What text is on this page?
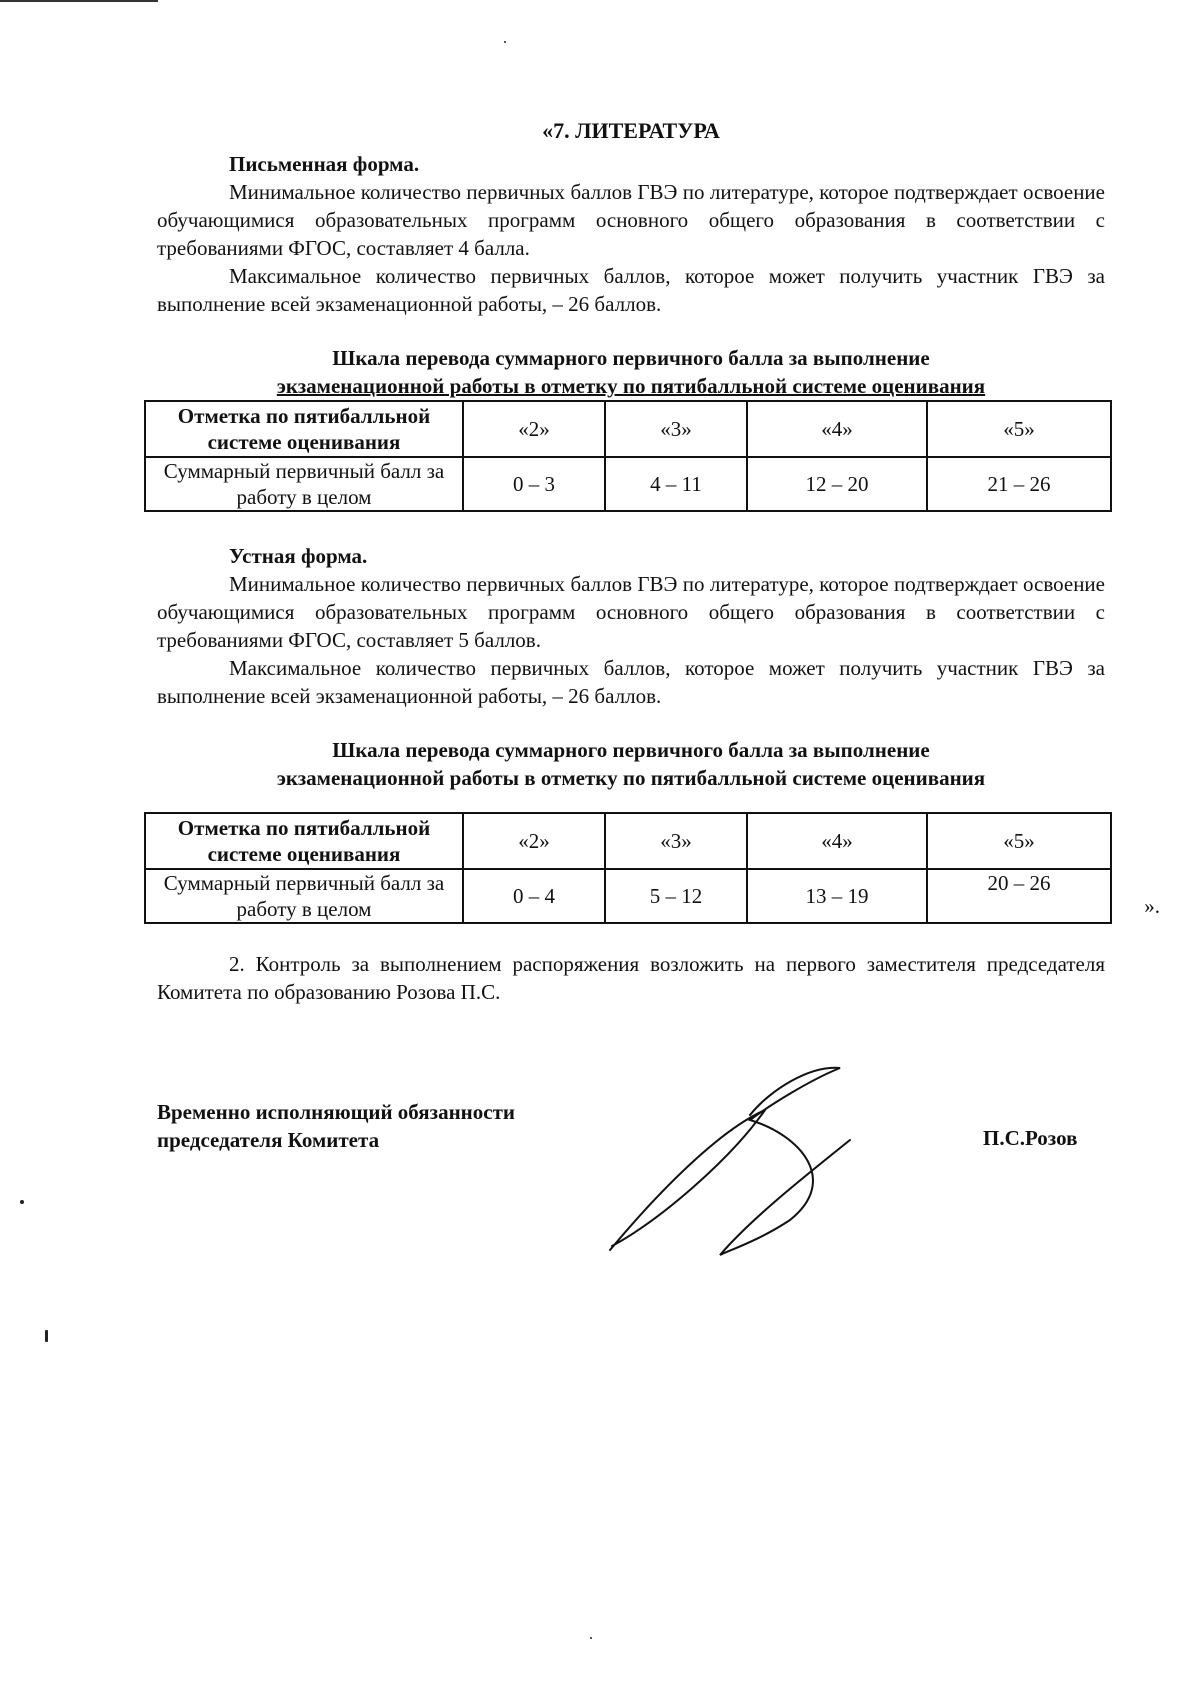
«7. ЛИТЕРАТУРА

Письменная форма.

Минимальное количество первичных баллов ГВЭ по литературе, которое подтверждает освоение обучающимися образовательных программ основного общего образования в соответствии с требованиями ФГОС, составляет 4 балла.

Максимальное количество первичных баллов, которое может получить участник ГВЭ за выполнение всей экзаменационной работы, – 26 баллов.

Шкала перевода суммарного первичного балла за выполнение

экзаменационной работы в отметку по пятибалльной системе оценивания

Отметка по пятибалльной системе оценивания	«2»	«3»	«4»	«5»
Суммарный первичный балл за работу в целом	0 – 3	4 – 11	12 – 20	21 – 26

Устная форма.

Минимальное количество первичных баллов ГВЭ по литературе, которое подтверждает освоение обучающимися образовательных программ основного общего образования в соответствии с требованиями ФГОС, составляет 5 баллов.

Максимальное количество первичных баллов, которое может получить участник ГВЭ за выполнение всей экзаменационной работы, – 26 баллов.

Шкала перевода суммарного первичного балла за выполнение

экзаменационной работы в отметку по пятибалльной системе оценивания

Отметка по пятибалльной системе оценивания	«2»	«3»	«4»	«5»
Суммарный первичный балл за работу в целом	0 – 4	5 – 12	13 – 19	20 – 26
».

2. Контроль за выполнением распоряжения возложить на первого заместителя председателя Комитета по образованию Розова П.С.

Временно исполняющий обязанности
председателя Комитета	П.С.Розов
